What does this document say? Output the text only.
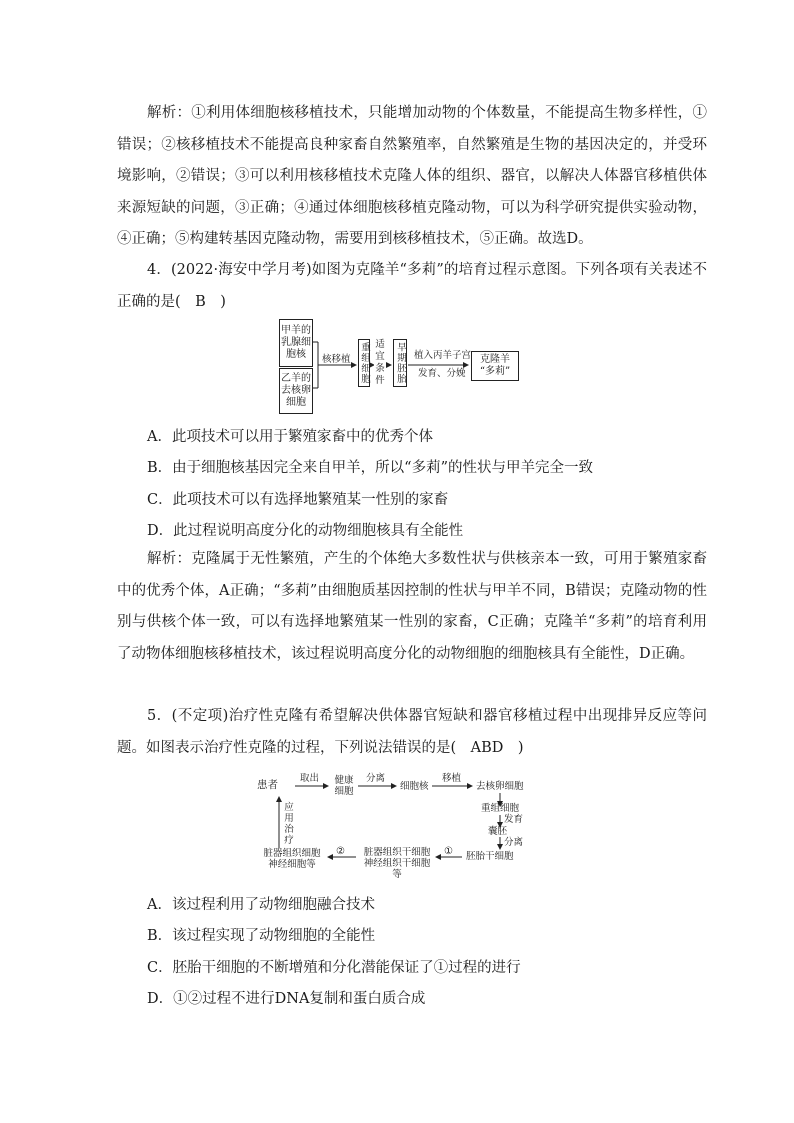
解析：①利用体细胞核移植技术，只能增加动物的个体数量，不能提高生物多样性，①错误；②核移植技术不能提高良种家畜自然繁殖率，自然繁殖是生物的基因决定的，并受环境影响，②错误；③可以利用核移植技术克隆人体的组织、器官，以解决人体器官移植供体来源短缺的问题，③正确；④通过体细胞核移植克隆动物，可以为科学研究提供实验动物，④正确；⑤构建转基因克隆动物，需要用到核移植技术，⑤正确。故选D。
4．(2022·海安中学月考)如图为克隆羊“多莉”的培育过程示意图。下列各项有关表述不正确的是(　B　)
甲羊的乳腺细胞核
乙羊的去核卵细胞
核移植 重组细胞 适宜条件 早期胚胎 植入丙羊子宫
发育、分娩
克隆羊
“多莉”
A．此项技术可以用于繁殖家畜中的优秀个体
B．由于细胞核基因完全来自甲羊，所以“多莉”的性状与甲羊完全一致
C．此项技术可以有选择地繁殖某一性别的家畜
D．此过程说明高度分化的动物细胞核具有全能性
解析：克隆属于无性繁殖，产生的个体绝大多数性状与供核亲本一致，可用于繁殖家畜中的优秀个体，A正确；“多莉”由细胞质基因控制的性状与甲羊不同，B错误；克隆动物的性别与供核个体一致，可以有选择地繁殖某一性别的家畜，C正确；克隆羊“多莉”的培育利用了动物体细胞核移植技术，该过程说明高度分化的动物细胞的细胞核具有全能性，D正确。
5．(不定项)治疗性克隆有希望解决供体器官短缺和器官移植过程中出现排异反应等问题。如图表示治疗性克隆的过程，下列说法错误的是(　ABD　)
患者
取出 健康细胞
分离
细胞核
移植
去核卵细胞
重组细胞
发育
囊胚
分离
胚胎干细胞
①
脏器组织干细胞神经组织干细胞等
②
脏器组织细胞神经细胞等
应用治疗
A．该过程利用了动物细胞融合技术
B．该过程实现了动物细胞的全能性
C．胚胎干细胞的不断增殖和分化潜能保证了①过程的进行
D．①②过程不进行DNA复制和蛋白质合成
